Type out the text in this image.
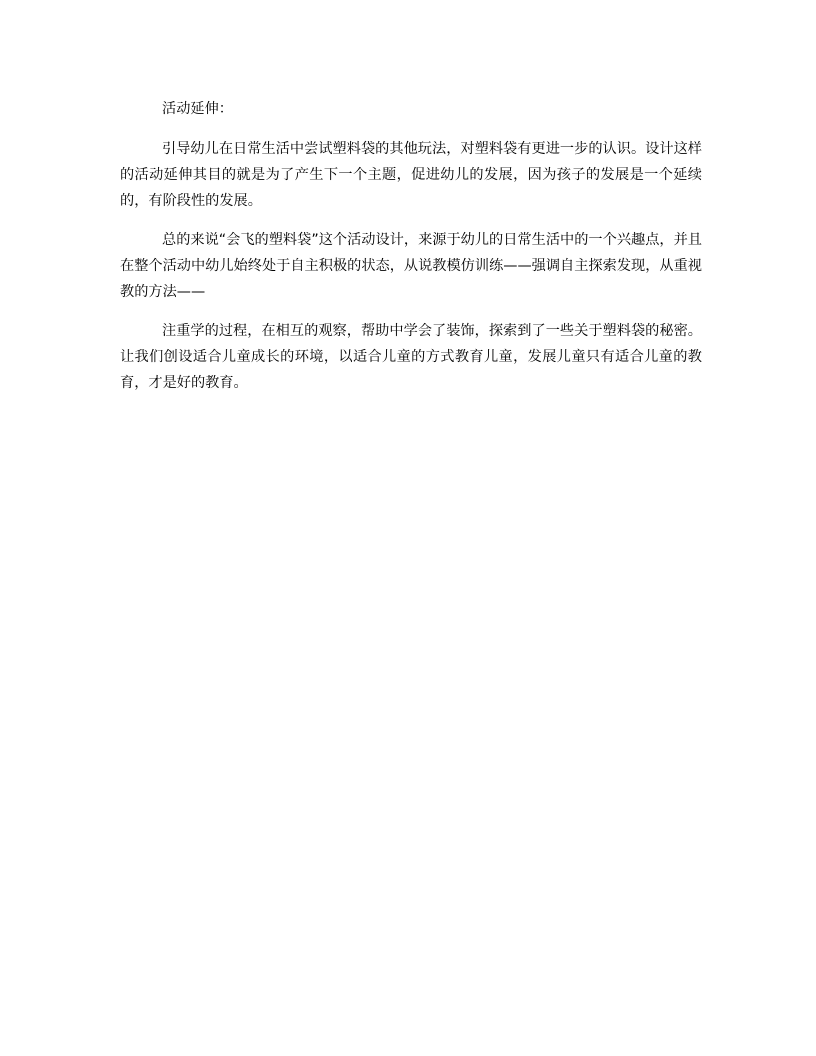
活动延伸：

引导幼儿在日常生活中尝试塑料袋的其他玩法，对塑料袋有更进一步的认识。设计这样的活动延伸其目的就是为了产生下一个主题，促进幼儿的发展，因为孩子的发展是一个延续的，有阶段性的发展。

总的来说“会飞的塑料袋”这个活动设计，来源于幼儿的日常生活中的一个兴趣点，并且在整个活动中幼儿始终处于自主积极的状态，从说教模仿训练——强调自主探索发现，从重视教的方法——

注重学的过程，在相互的观察，帮助中学会了装饰，探索到了一些关于塑料袋的秘密。让我们创设适合儿童成长的环境，以适合儿童的方式教育儿童，发展儿童只有适合儿童的教育，才是好的教育。
